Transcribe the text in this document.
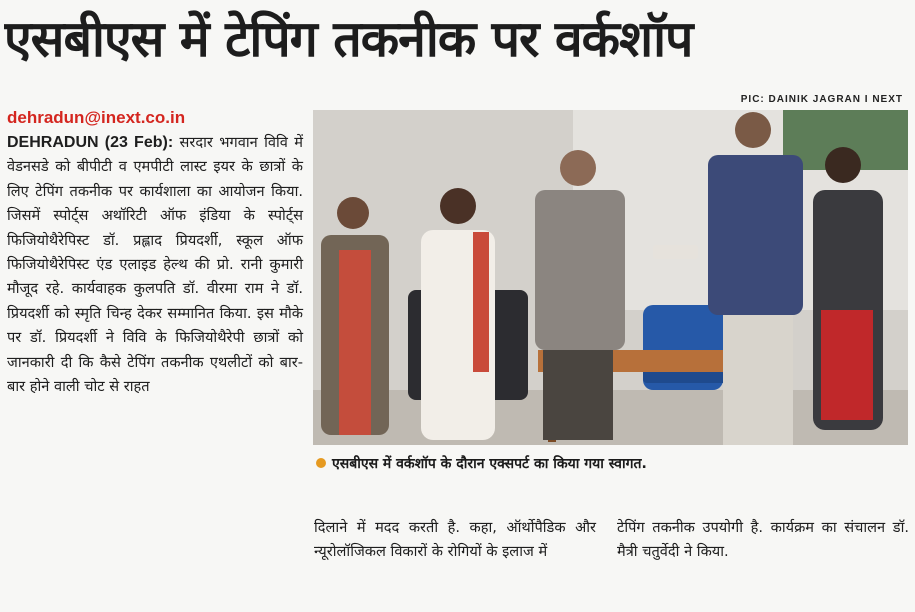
एसबीएस में टेपिंग तकनीक पर वर्कशॉप
PIC: DAINIK JAGRAN I NEXT
dehradun@inext.co.in
DEHRADUN (23 Feb): सरदार भगवान विवि में वेडनसडे को बीपीटी व एमपीटी लास्ट इयर के छात्रों के लिए टेपिंग तकनीक पर कार्यशाला का आयोजन किया. जिसमें स्पोर्ट्स अथॉरिटी ऑफ इंडिया के स्पोर्ट्स फिजियोथैरेपिस्ट डॉ. प्रह्लाद प्रियदर्शी, स्कूल ऑफ फिजियोथैरेपिस्ट एंड एलाइड हेल्थ की प्रो. रानी कुमारी मौजूद रहे. कार्यवाहक कुलपति डॉ. वीरमा राम ने डॉ. प्रियदर्शी को स्मृति चिन्ह देकर सम्मानित किया. इस मौके पर डॉ. प्रियदर्शी ने विवि के फिजियोथैरेपी छात्रों को जानकारी दी कि कैसे टेपिंग तकनीक एथलीटों को बार-बार होने वाली चोट से राहत
एसबीएस में वर्कशॉप के दौरान एक्सपर्ट का किया गया स्वागत.
दिलाने में मदद करती है. कहा, ऑर्थोपैडिक और न्यूरोलॉजिकल विकारों के रोगियों के इलाज में
टेपिंग तकनीक उपयोगी है. कार्यक्रम का संचालन डॉ. मैत्री चतुर्वेदी ने किया.
